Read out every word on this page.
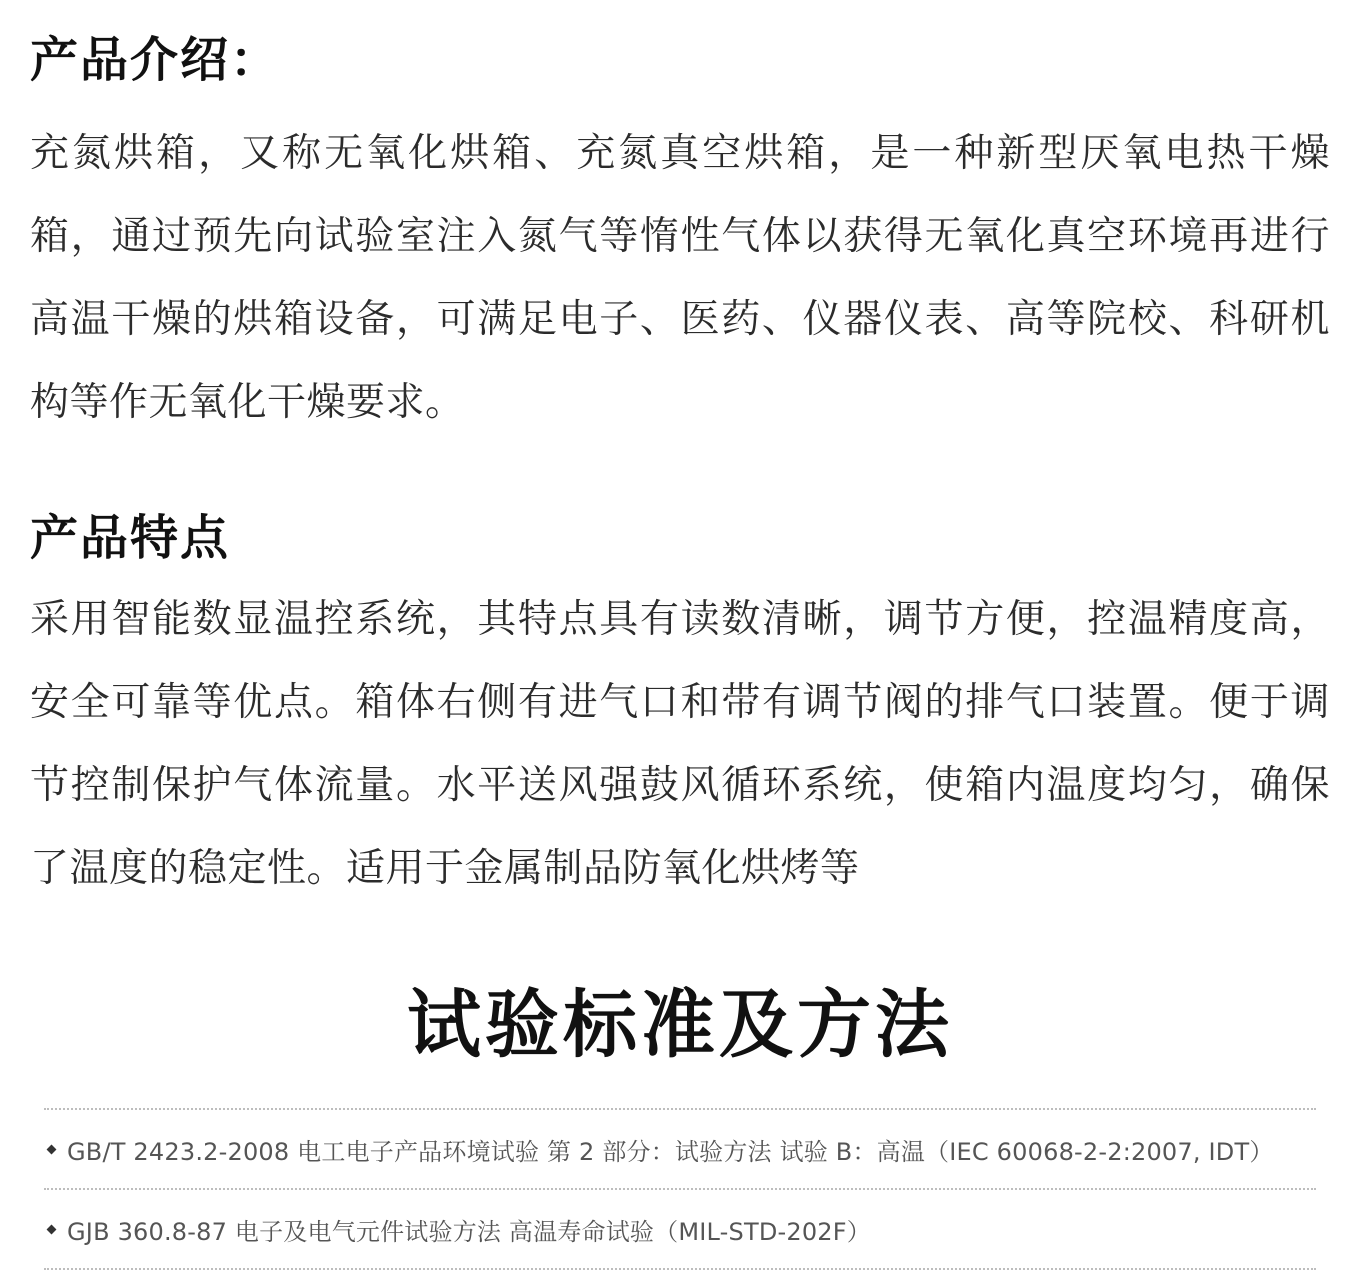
产品介绍：

充氮烘箱，又称无氧化烘箱、充氮真空烘箱，是一种新型厌氧电热干燥箱，通过预先向试验室注入氮气等惰性气体以获得无氧化真空环境再进行高温干燥的烘箱设备，可满足电子、医药、仪器仪表、高等院校、科研机构等作无氧化干燥要求。

产品特点

采用智能数显温控系统，其特点具有读数清晰，调节方便，控温精度高，安全可靠等优点。箱体右侧有进气口和带有调节阀的排气口装置。便于调节控制保护气体流量。水平送风强鼓风循环系统，使箱内温度均匀，确保了温度的稳定性。适用于金属制品防氧化烘烤等

试验标准及方法
GB/T 2423.2-2008 电工电子产品环境试验 第 2 部分：试验方法 试验 B：高温（IEC 60068-2-2:2007, IDT）
GJB 360.8-87 电子及电气元件试验方法 高温寿命试验（MIL-STD-202F）
